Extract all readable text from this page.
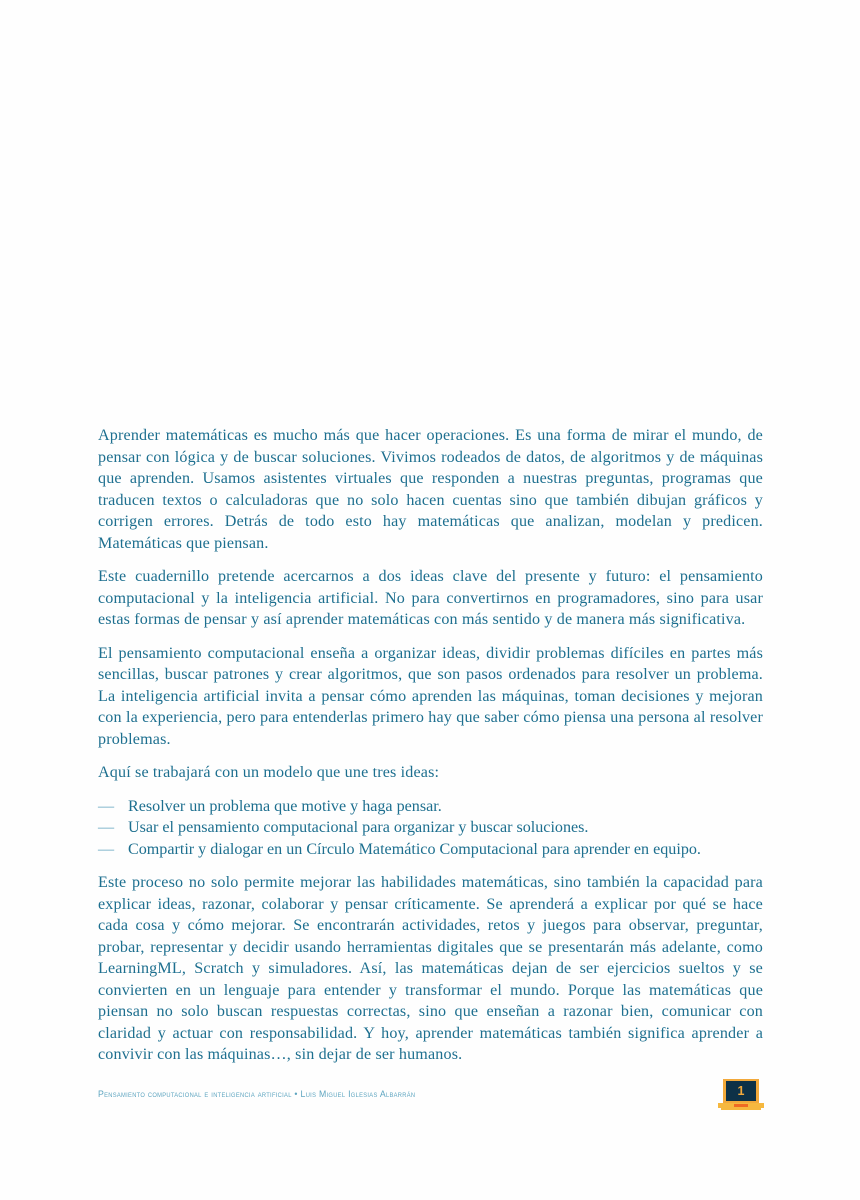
Aprender matemáticas es mucho más que hacer operaciones. Es una forma de mirar el mundo, de pensar con lógica y de buscar soluciones. Vivimos rodeados de datos, de algoritmos y de máquinas que aprenden. Usamos asistentes virtuales que responden a nuestras preguntas, programas que traducen textos o calculadoras que no solo hacen cuentas sino que también dibujan gráficos y corrigen errores. Detrás de todo esto hay matemáticas que analizan, modelan y predicen. Matemáticas que piensan.

Este cuadernillo pretende acercarnos a dos ideas clave del presente y futuro: el pensamiento computacional y la inteligencia artificial. No para convertirnos en programadores, sino para usar estas formas de pensar y así aprender matemáticas con más sentido y de manera más significativa.

El pensamiento computacional enseña a organizar ideas, dividir problemas difíciles en partes más sencillas, buscar patrones y crear algoritmos, que son pasos ordenados para resolver un problema. La inteligencia artificial invita a pensar cómo aprenden las máquinas, toman decisiones y mejoran con la experiencia, pero para entenderlas primero hay que saber cómo piensa una persona al resolver problemas.

Aquí se trabajará con un modelo que une tres ideas:

— Resolver un problema que motive y haga pensar.
— Usar el pensamiento computacional para organizar y buscar soluciones.
— Compartir y dialogar en un Círculo Matemático Computacional para aprender en equipo.

Este proceso no solo permite mejorar las habilidades matemáticas, sino también la capacidad para explicar ideas, razonar, colaborar y pensar críticamente. Se aprenderá a explicar por qué se hace cada cosa y cómo mejorar. Se encontrarán actividades, retos y juegos para observar, preguntar, probar, representar y decidir usando herramientas digitales que se presentarán más adelante, como LearningML, Scratch y simuladores. Así, las matemáticas dejan de ser ejercicios sueltos y se convierten en un lenguaje para entender y transformar el mundo. Porque las matemáticas que piensan no solo buscan respuestas correctas, sino que enseñan a razonar bien, comunicar con claridad y actuar con responsabilidad. Y hoy, aprender matemáticas también significa aprender a convivir con las máquinas…, sin dejar de ser humanos.

Pensamiento computacional e inteligencia artificial • Luis Miguel Iglesias Albarrán	1
